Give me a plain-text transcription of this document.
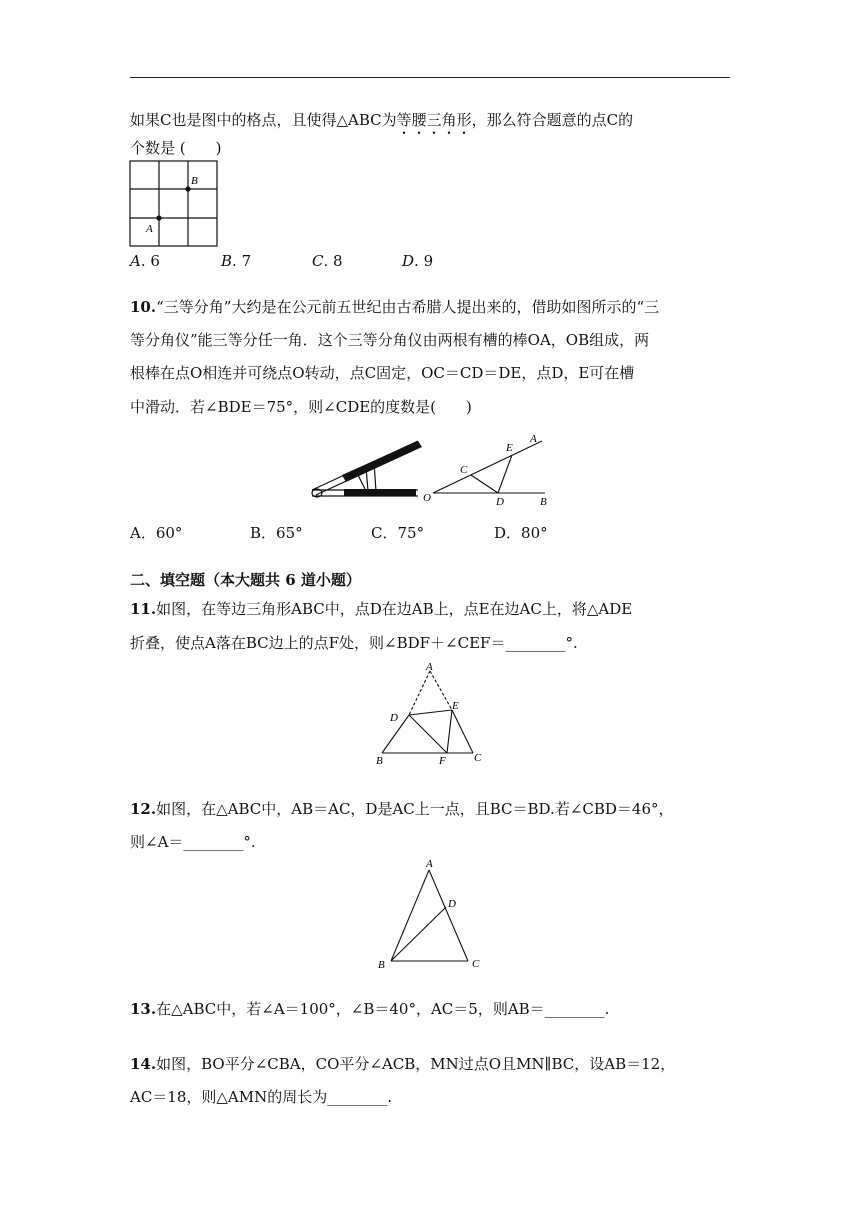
如果C也是图中的格点，且使得△ABC为等腰三角形，那么符合题意的点C的
个数是 (　　)
B
A
A. 6	B. 7	C. 8	D. 9
10.“三等分角”大约是在公元前五世纪由古希腊人提出来的，借助如图所示的“三
等分角仪”能三等分任一角．这个三等分角仪由两根有槽的棒OA，OB组成，两
根棒在点O相连并可绕点O转动，点C固定，OC＝CD＝DE，点D，E可在槽
中滑动．若∠BDE＝75°，则∠CDE的度数是(　　)
O
C
E
A
D	B
A．60°	B．65°	C．75°	D．80°
二、填空题（本大题共 6 道小题）
11.如图，在等边三角形ABC中，点D在边AB上，点E在边AC上，将△ADE
折叠，使点A落在BC边上的点F处，则∠BDF＋∠CEF＝________°.
A
D
E
B	F	C
12.如图，在△ABC中，AB＝AC，D是AC上一点，且BC＝BD.若∠CBD＝46°，
则∠A＝________°.
A
D
B	C
13.在△ABC中，若∠A＝100°，∠B＝40°，AC＝5，则AB＝________.
14.如图，BO平分∠CBA，CO平分∠ACB，MN过点O且MN∥BC，设AB＝12，
AC＝18，则△AMN的周长为________.
